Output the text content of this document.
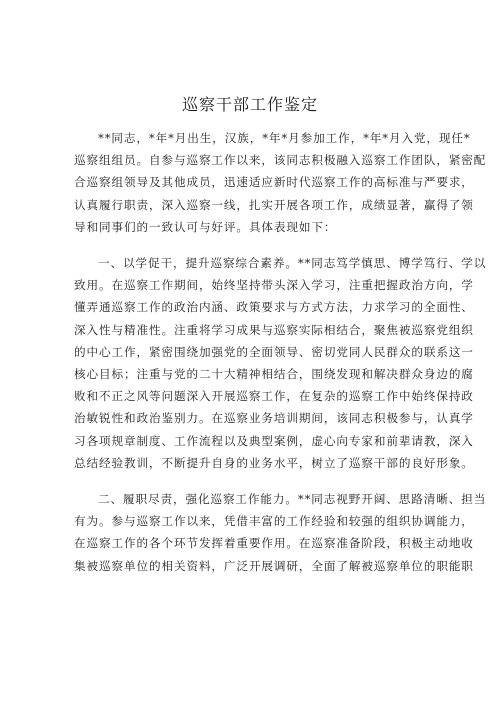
巡察干部工作鉴定
**同志，*年*月出生，汉族，*年*月参加工作，*年*月入党，现任*
巡察组组员。自参与巡察工作以来，该同志积极融入巡察工作团队，紧密配
合巡察组领导及其他成员，迅速适应新时代巡察工作的高标准与严要求，
认真履行职责，深入巡察一线，扎实开展各项工作，成绩显著，赢得了领
导和同事们的一致认可与好评。具体表现如下：
一、以学促干，提升巡察综合素养。**同志笃学慎思、博学笃行、学以
致用。在巡察工作期间，始终坚持带头深入学习，注重把握政治方向，学
懂弄通巡察工作的政治内涵、政策要求与方式方法，力求学习的全面性、
深入性与精准性。注重将学习成果与巡察实际相结合，聚焦被巡察党组织
的中心工作，紧密围绕加强党的全面领导、密切党同人民群众的联系这一
核心目标；注重与党的二十大精神相结合，围绕发现和解决群众身边的腐
败和不正之风等问题深入开展巡察工作，在复杂的巡察工作中始终保持政
治敏锐性和政治鉴别力。在巡察业务培训期间，该同志积极参与，认真学
习各项规章制度、工作流程以及典型案例，虚心向专家和前辈请教，深入
总结经验教训，不断提升自身的业务水平，树立了巡察干部的良好形象。
二、履职尽责，强化巡察工作能力。**同志视野开阔、思路清晰、担当
有为。参与巡察工作以来，凭借丰富的工作经验和较强的组织协调能力，
在巡察工作的各个环节发挥着重要作用。在巡察准备阶段，积极主动地收
集被巡察单位的相关资料，广泛开展调研，全面了解被巡察单位的职能职
